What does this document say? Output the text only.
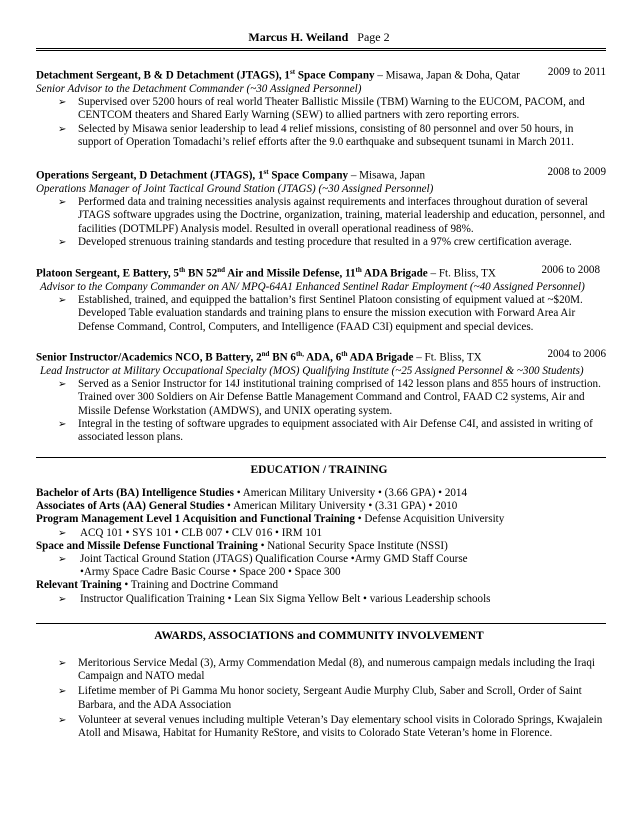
Marcus H. Weiland Page 2
Detachment Sergeant, B & D Detachment (JTAGS), 1st Space Company – Misawa, Japan & Doha, Qatar	2009 to 2011
Senior Advisor to the Detachment Commander (~30 Assigned Personnel)
➢ Supervised over 5200 hours of real world Theater Ballistic Missile (TBM) Warning to the EUCOM, PACOM, and CENTCOM theaters and Shared Early Warning (SEW) to allied partners with zero reporting errors.
➢ Selected by Misawa senior leadership to lead 4 relief missions, consisting of 80 personnel and over 50 hours, in support of Operation Tomadachi’s relief efforts after the 9.0 earthquake and subsequent tsunami in March 2011.
Operations Sergeant, D Detachment (JTAGS), 1st Space Company – Misawa, Japan	2008 to 2009
Operations Manager of Joint Tactical Ground Station (JTAGS) (~30 Assigned Personnel)
➢ Performed data and training necessities analysis against requirements and interfaces throughout duration of several JTAGS software upgrades using the Doctrine, organization, training, material leadership and education, personnel, and facilities (DOTMLPF) Analysis model. Resulted in overall operational readiness of 98%.
➢ Developed strenuous training standards and testing procedure that resulted in a 97% crew certification average.
Platoon Sergeant, E Battery, 5th BN 52nd Air and Missile Defense, 11th ADA Brigade – Ft. Bliss, TX	2006 to 2008
Advisor to the Company Commander on AN/ MPQ-64A1 Enhanced Sentinel Radar Employment (~40 Assigned Personnel)
➢ Established, trained, and equipped the battalion’s first Sentinel Platoon consisting of equipment valued at ~$20M. Developed Table evaluation standards and training plans to ensure the mission execution with Forward Area Air Defense Command, Control, Computers, and Intelligence (FAAD C3I) equipment and special devices.
Senior Instructor/Academics NCO, B Battery, 2nd BN $6^{th,}$ ADA, 6th ADA Brigade – Ft. Bliss, TX	2004 to 2006
Lead Instructor at Military Occupational Specialty (MOS) Qualifying Institute (~25 Assigned Personnel & ~300 Students)
➢ Served as a Senior Instructor for 14J institutional training comprised of 142 lesson plans and 855 hours of instruction. Trained over 300 Soldiers on Air Defense Battle Management Command and Control, FAAD C2 systems, Air and Missile Defense Workstation (AMDWS), and UNIX operating system.
➢ Integral in the testing of software upgrades to equipment associated with Air Defense C4I, and assisted in writing of associated lesson plans.
EDUCATION / TRAINING
Bachelor of Arts (BA) Intelligence Studies • American Military University • (3.66 GPA) • 2014
Associates of Arts (AA) General Studies • American Military University • (3.31 GPA) • 2010
Program Management Level 1 Acquisition and Functional Training • Defense Acquisition University
➢ ACQ 101 • SYS 101 • CLB 007 • CLV 016 • IRM 101
Space and Missile Defense Functional Training • National Security Space Institute (NSSI)
➢ Joint Tactical Ground Station (JTAGS) Qualification Course •Army GMD Staff Course
•Army Space Cadre Basic Course • Space 200 • Space 300
Relevant Training • Training and Doctrine Command
➢ Instructor Qualification Training • Lean Six Sigma Yellow Belt • various Leadership schools
AWARDS, ASSOCIATIONS and COMMUNITY INVOLVEMENT
➢ Meritorious Service Medal (3), Army Commendation Medal (8), and numerous campaign medals including the Iraqi Campaign and NATO medal
➢ Lifetime member of Pi Gamma Mu honor society, Sergeant Audie Murphy Club, Saber and Scroll, Order of Saint Barbara, and the ADA Association
➢ Volunteer at several venues including multiple Veteran’s Day elementary school visits in Colorado Springs, Kwajalein Atoll and Misawa, Habitat for Humanity ReStore, and visits to Colorado State Veteran’s home in Florence.
